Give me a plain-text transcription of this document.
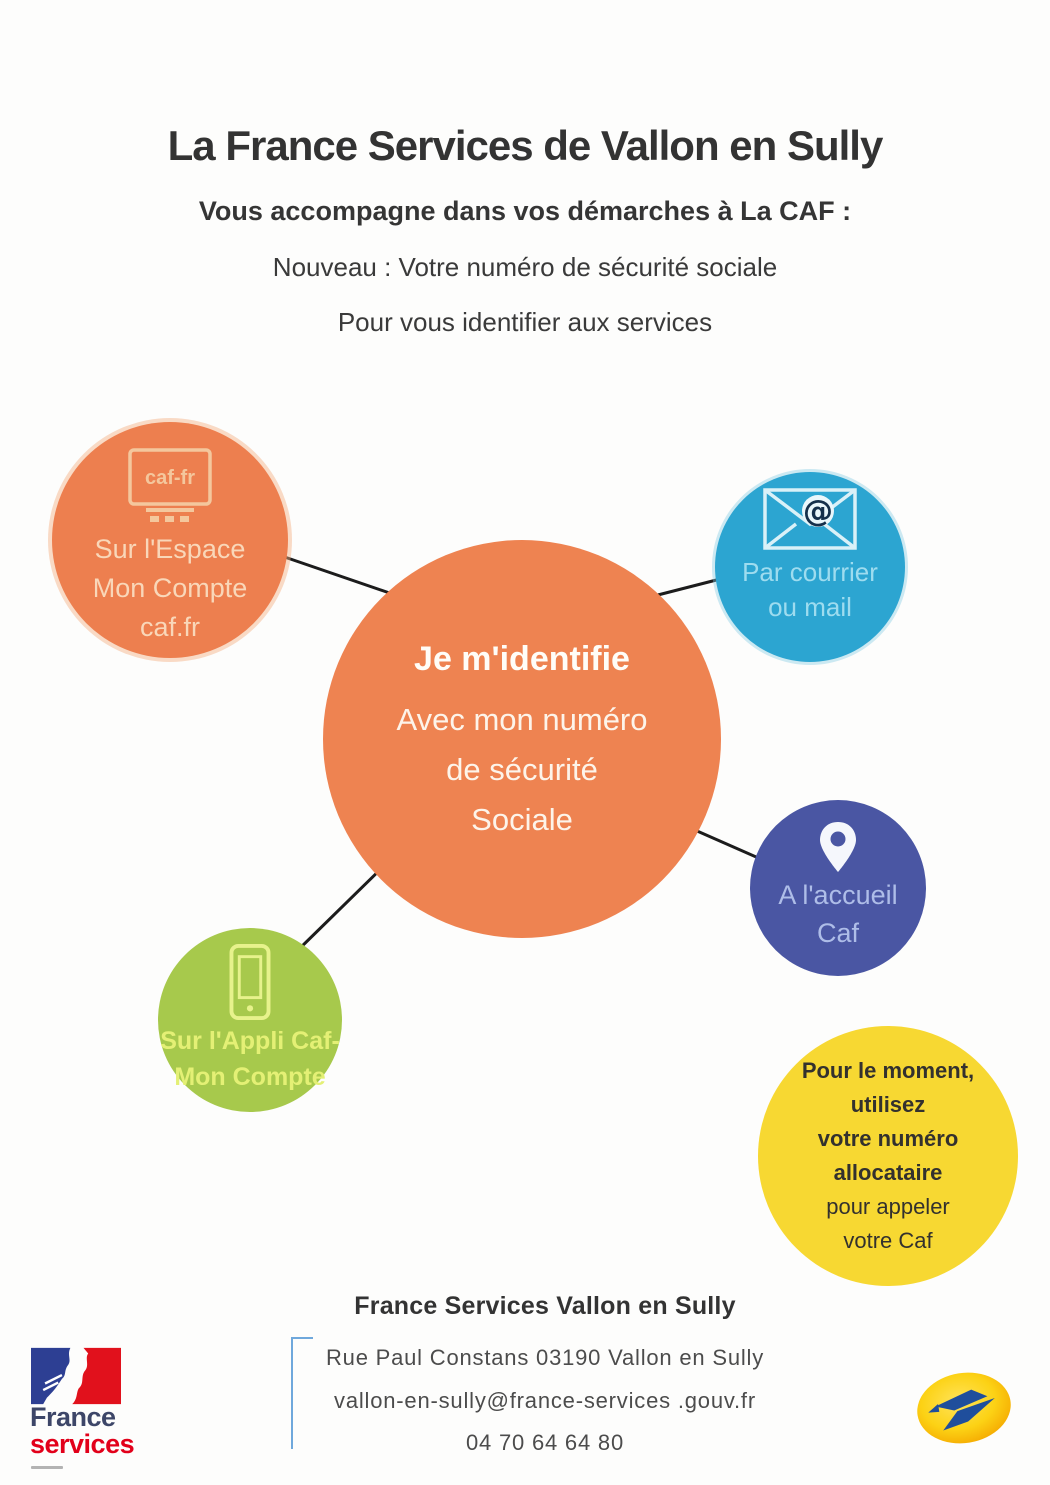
La France Services de Vallon en Sully
Vous accompagne dans vos démarches à La CAF :
Nouveau : Votre numéro de sécurité sociale
Pour vous identifier aux services
caf-fr
Sur l'Espace
Mon Compte
caf.fr
Je m'identifie
Avec mon numéro
de sécurité
Sociale
@
Par courrier
ou mail
A l'accueil
Caf
Sur l'Appli Caf-
Mon Compte	Pour le moment,
utilisez
votre numéro
allocataire
pour appeler
votre Caf
France Services Vallon en Sully
Rue Paul Constans 03190 Vallon en Sully
vallon-en-sully@france-services .gouv.fr
04 70 64 64 80
France
services
